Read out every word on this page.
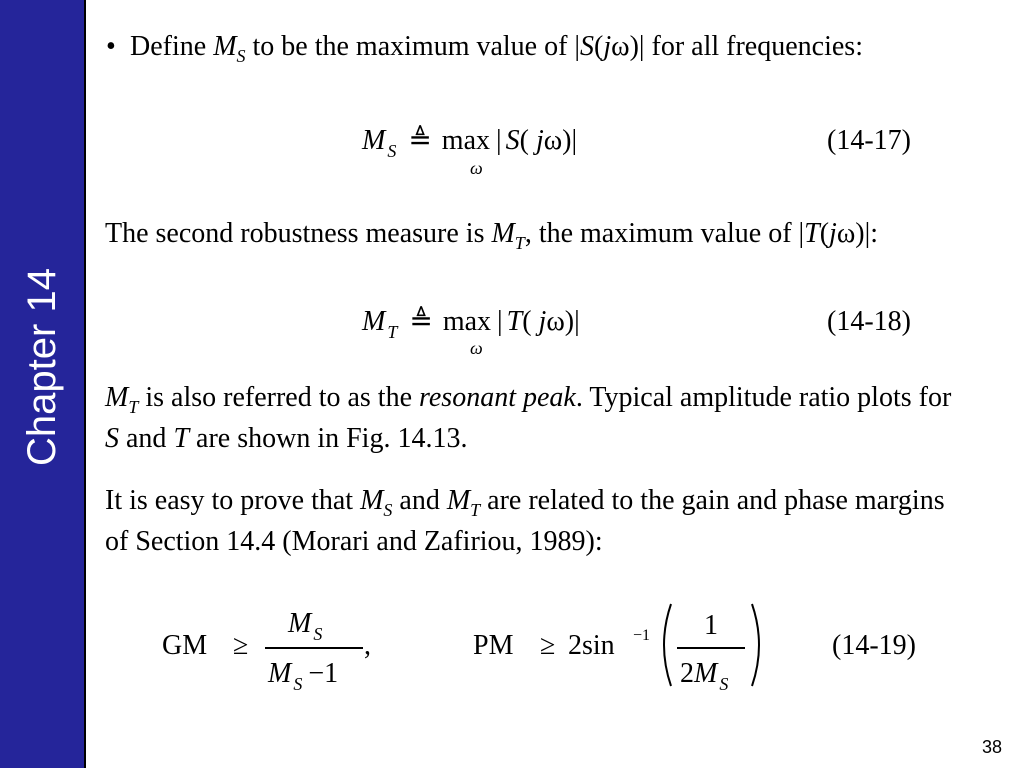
Chapter 14

• Define $M_S$ to be the maximum value of |S(jω)| for all frequencies:

M $_S$ ≜ max | S( jω)|
ω
(14-17)

The second robustness measure is $M_T$, the maximum value of |T(jω)|:

M $_T$ ≜ max | T( jω)|
ω
(14-18)

$M_T$ is also referred to as the resonant peak. Typical amplitude ratio plots for S and T are shown in Fig. 14.13.

It is easy to prove that $M_S$ and $M_T$ are related to the gain and phase margins of Section 14.4 (Morari and Zafiriou, 1989):

GM ≥
M $_S$
M $_S$ −1
,	PM ≥ 2sin −1 1
2M $_S$
(14-19)
38
